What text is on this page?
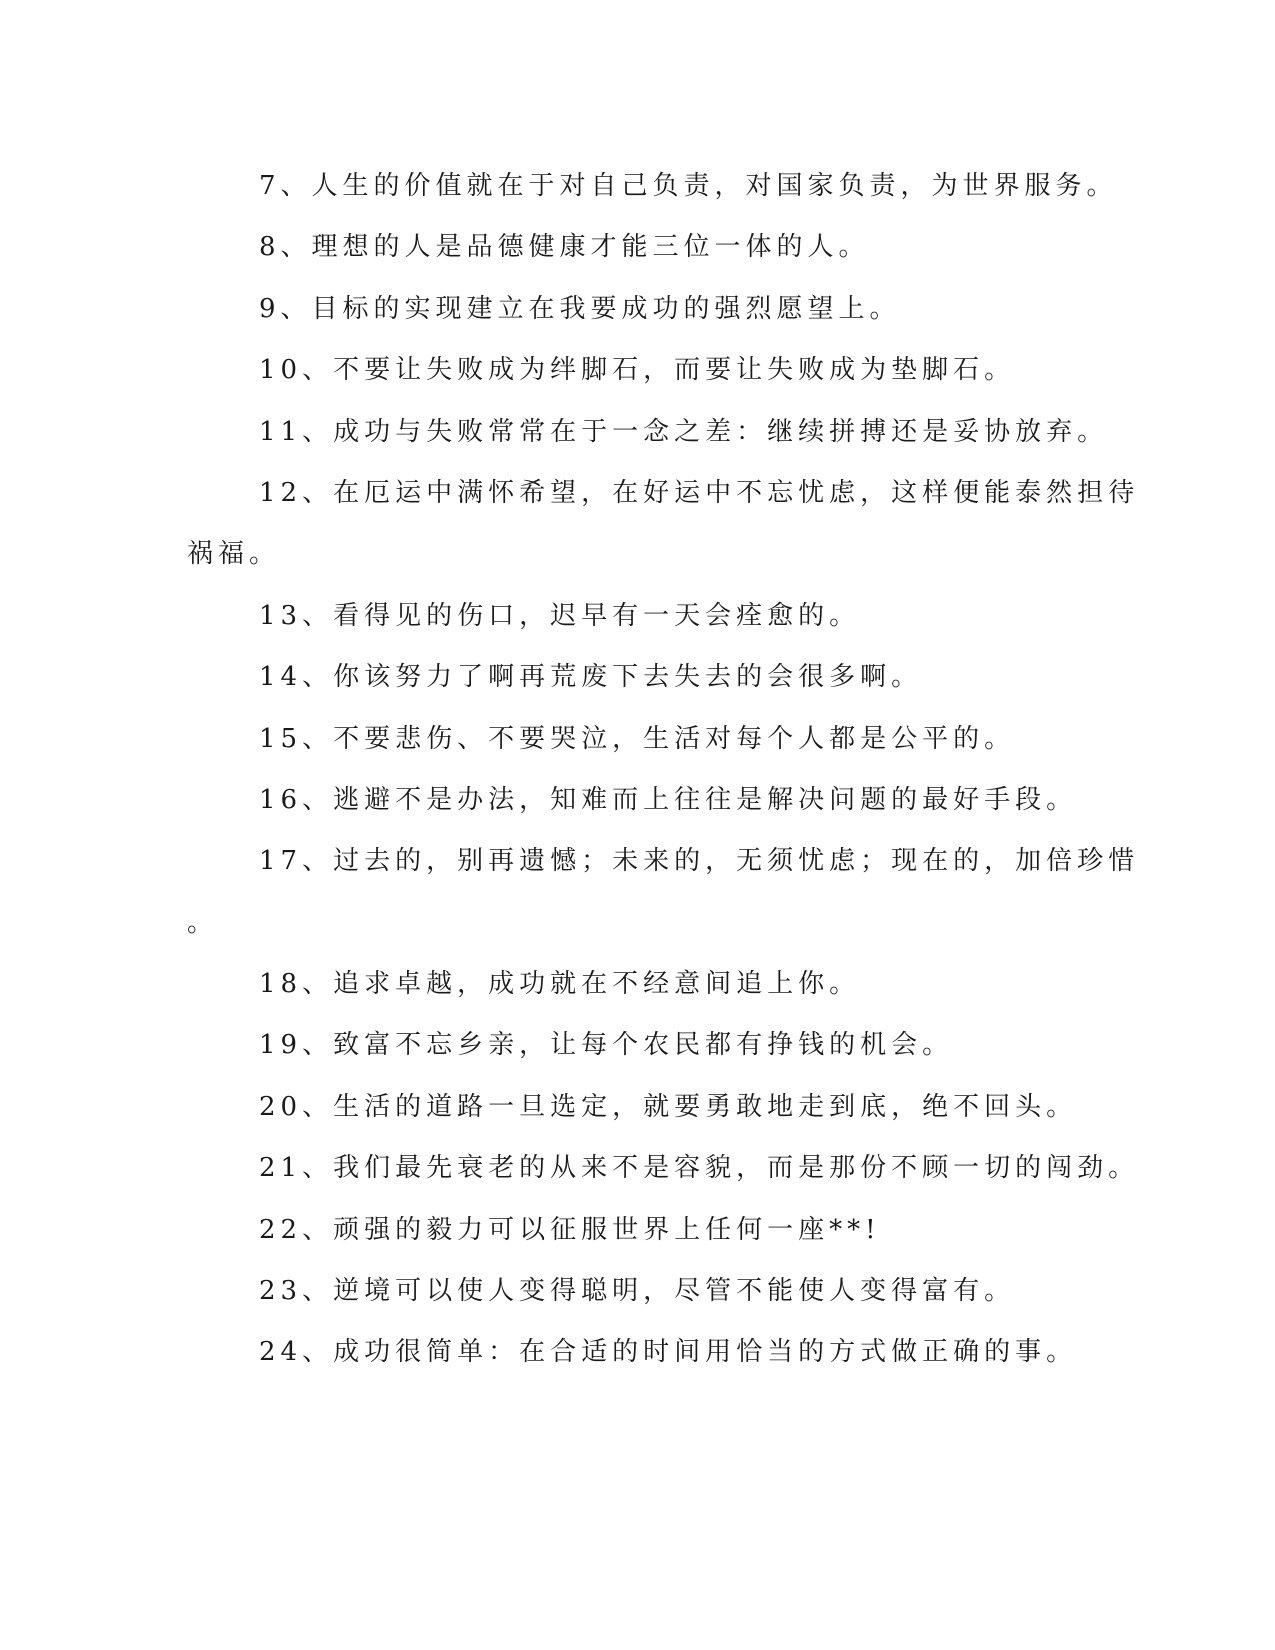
7、人生的价值就在于对自己负责，对国家负责，为世界服务。
8、理想的人是品德健康才能三位一体的人。
9、目标的实现建立在我要成功的强烈愿望上。
10、不要让失败成为绊脚石，而要让失败成为垫脚石。
11、成功与失败常常在于一念之差：继续拼搏还是妥协放弃。
12、在厄运中满怀希望，在好运中不忘忧虑，这样便能泰然担待
祸福。
13、看得见的伤口，迟早有一天会痊愈的。
14、你该努力了啊再荒废下去失去的会很多啊。
15、不要悲伤、不要哭泣，生活对每个人都是公平的。
16、逃避不是办法，知难而上往往是解决问题的最好手段。
17、过去的，别再遗憾；未来的，无须忧虑；现在的，加倍珍惜
。
18、追求卓越，成功就在不经意间追上你。
19、致富不忘乡亲，让每个农民都有挣钱的机会。
20、生活的道路一旦选定，就要勇敢地走到底，绝不回头。
21、我们最先衰老的从来不是容貌，而是那份不顾一切的闯劲。
22、顽强的毅力可以征服世界上任何一座**!
23、逆境可以使人变得聪明，尽管不能使人变得富有。
24、成功很简单：在合适的时间用恰当的方式做正确的事。
